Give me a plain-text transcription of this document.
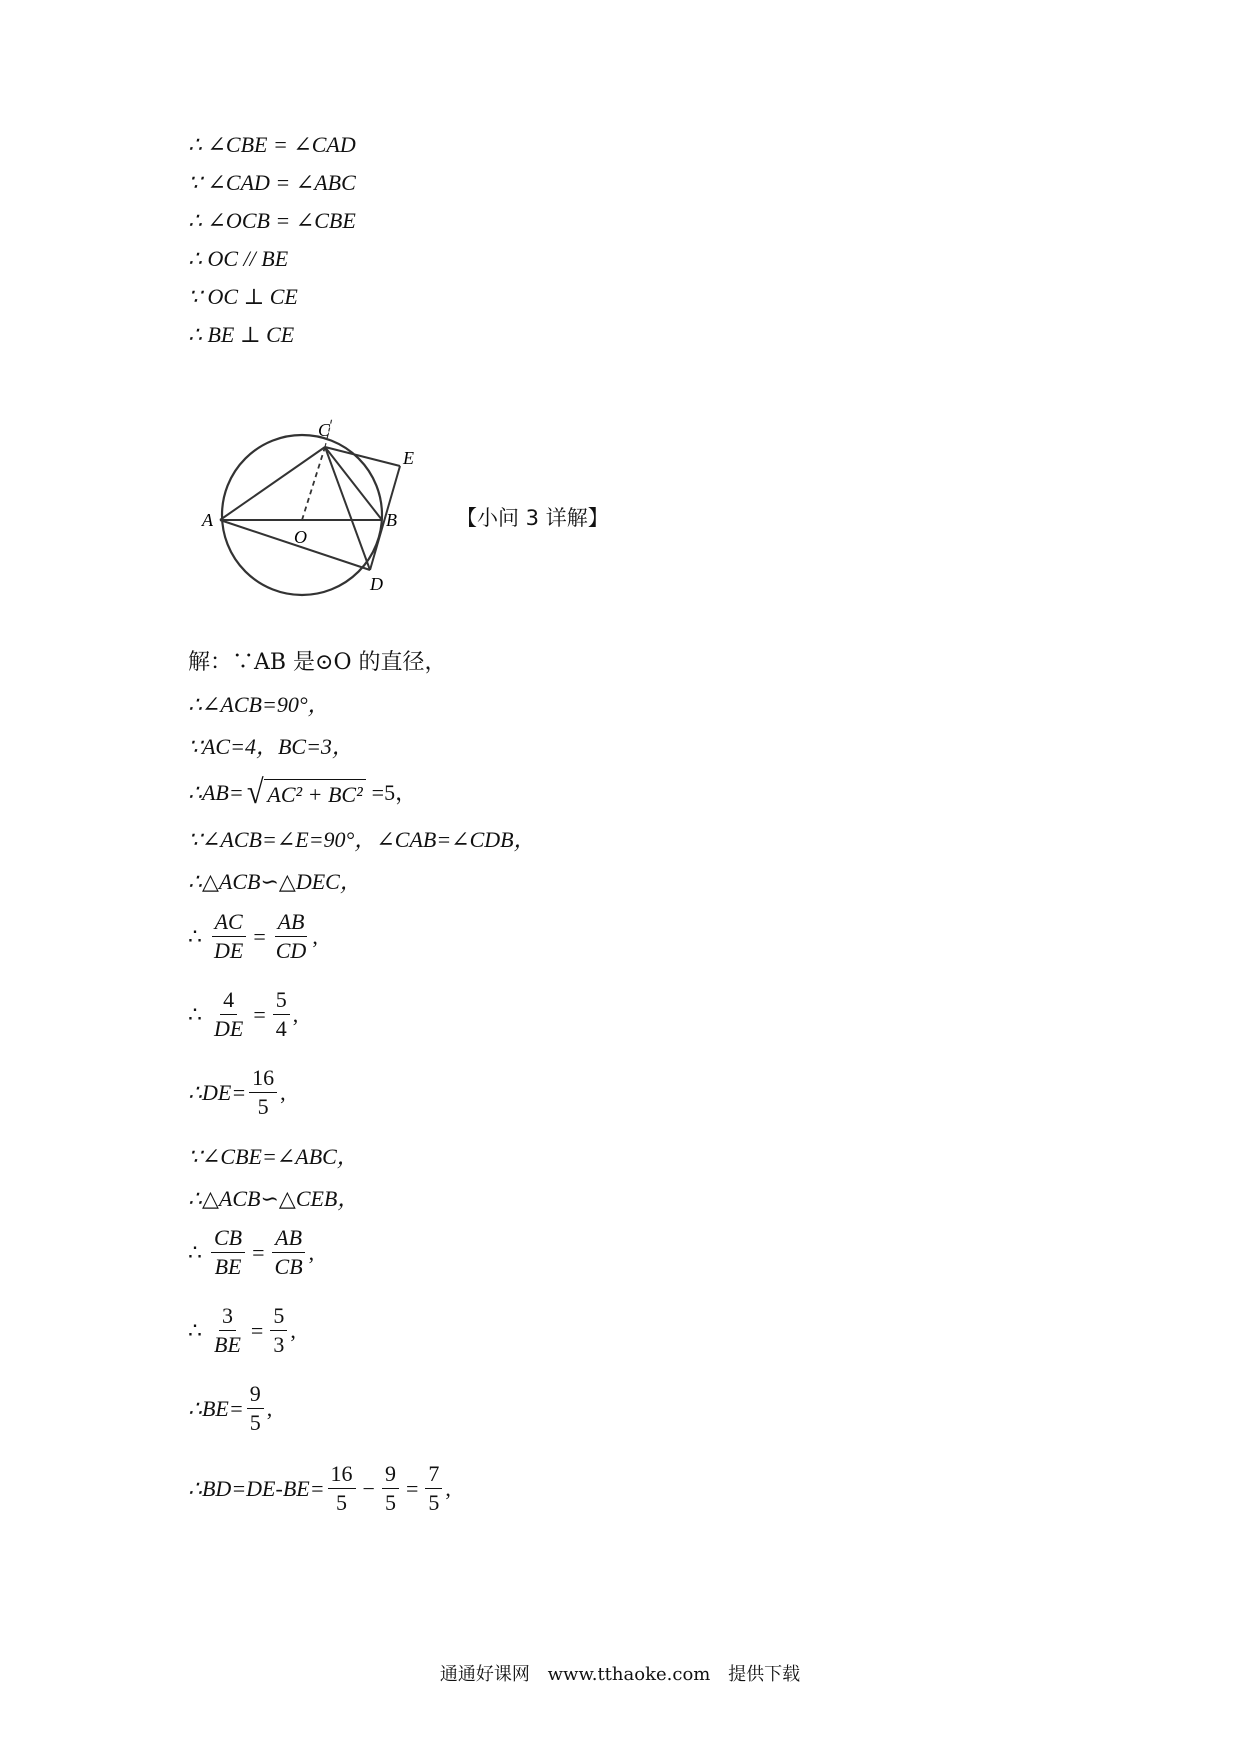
∴ ∠CBE = ∠CAD
∵ ∠CAD = ∠ABC
∴ ∠OCB = ∠CBE
∴ OC // BE
∵ OC ⊥ CE
∴ BE ⊥ CE
C
E
A
O
B
D
【小问 3 详解】
解：∵AB 是⊙O 的直径，
∴∠ACB=90°，
∵AC=4，BC=3，
∴AB= √ AC² + BC² =5，
∵∠ACB=∠E=90°，∠CAB=∠CDB，
∴△ACB∽△DEC，
∴ $\frac{AC}{DE} = \frac{AB}{CD}$ ,
∴ $\frac{4}{DE} = \frac{5}{4}$ ,
∴DE= $\frac{16}{5}$ ,
∵∠CBE=∠ABC，
∴△ACB∽△CEB，
∴ $\frac{CB}{BE} = \frac{AB}{CB}$ ,
∴ $\frac{3}{BE} = \frac{5}{3}$ ,
∴BE= $\frac{9}{5}$ ,
∴BD=DE-BE= $\frac{16}{5} - \frac{9}{5} = \frac{7}{5}$ ,
通通好课网 www.tthaoke.com 提供下载
